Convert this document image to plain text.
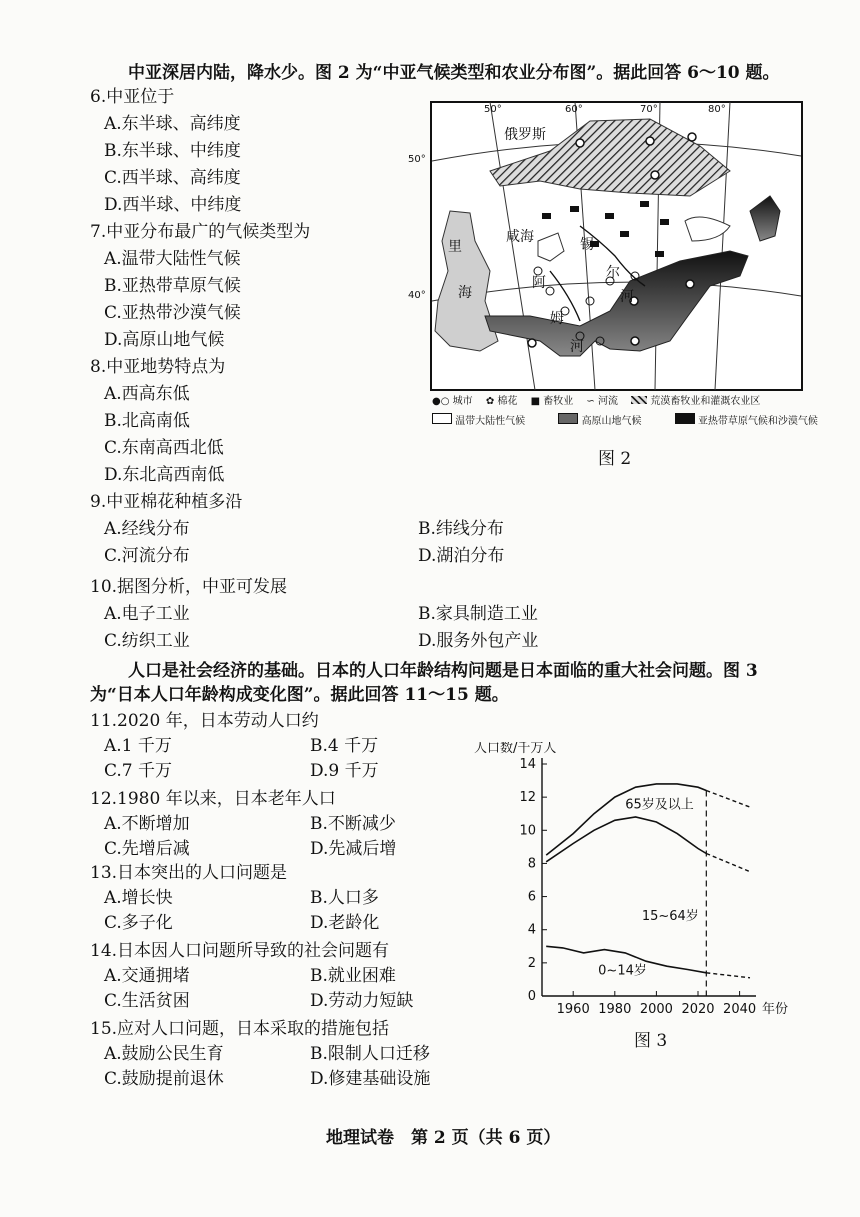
中亚深居内陆，降水少。图 2 为“中亚气候类型和农业分布图”。据此回答 6～10 题。
6.中亚位于
A.东半球、高纬度
B.东半球、中纬度
C.西半球、高纬度
D.西半球、中纬度
7.中亚分布最广的气候类型为
A.温带大陆性气候
B.亚热带草原气候
C.亚热带沙漠气候
D.高原山地气候
8.中亚地势特点为
A.西高东低
B.北高南低
C.东南高西北低
D.东北高西南低
9.中亚棉花种植多沿
A.经线分布	B.纬线分布
C.河流分布	D.湖泊分布
10.据图分析，中亚可发展
A.电子工业	B.家具制造工业
C.纺织工业	D.服务外包产业
11.2020 年，日本劳动人口约
A.1 千万	B.4 千万
C.7 千万	D.9 千万
12.1980 年以来，日本老年人口
A.不断增加	B.不断减少
C.先增后减	D.先减后增
13.日本突出的人口问题是
A.增长快	B.人口多
C.多子化	D.老龄化
14.日本因人口问题所导致的社会问题有
A.交通拥堵	B.就业困难
C.生活贫困	D.劳动力短缺
15.应对人口问题，日本采取的措施包括
A.鼓励公民生育	B.限制人口迁移
C.鼓励提前退休	D.修建基础设施
俄罗斯
里
海
咸海	锡
尔
河
阿
姆
河
50°	60°	70°	80°
50°
40°
●○ 城市　 ✿ 棉花　 ■ 畜牧业　 ∽ 河流　	荒漠畜牧业和灌溉农业区
温带大陆性气候　　　	高原山地气候　　　	亚热带草原气候和沙漠气候
图 2
人口是社会经济的基础。日本的人口年龄结构问题是日本面临的重大社会问题。图 3
为“日本人口年龄构成变化图”。据此回答 11～15 题。
0
2
4
6
8
10
12
14
1960 1980 2000 2020 2040
人口数/千万人
年份
65岁及以上
15~64岁
0~14岁
图 3
地理试卷　第 2 页（共 6 页）
